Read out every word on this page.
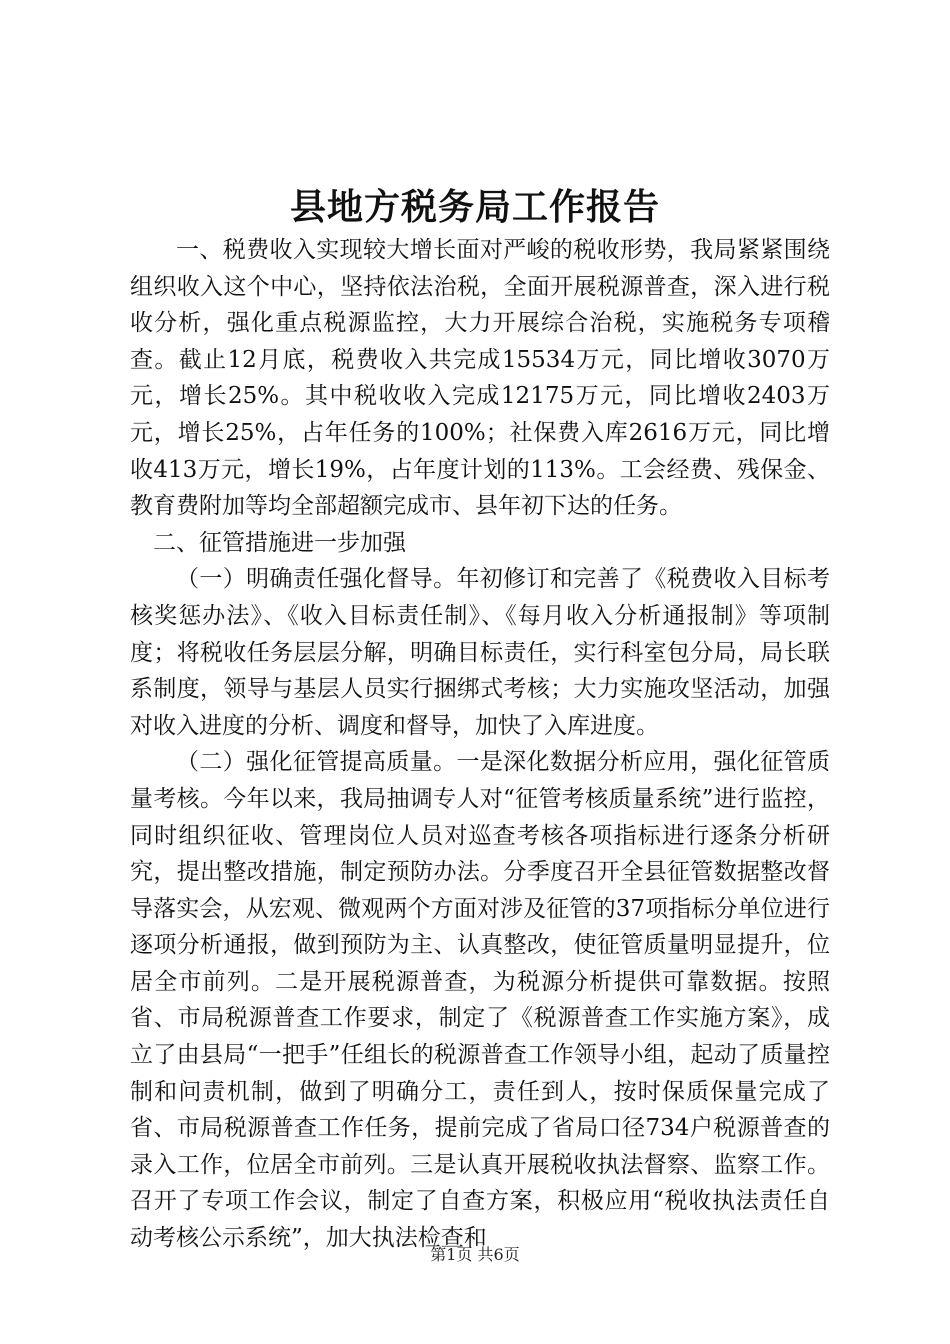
县地方税务局工作报告

一、税费收入实现较大增长面对严峻的税收形势，我局紧紧围绕组织收入这个中心，坚持依法治税，全面开展税源普查，深入进行税收分析，强化重点税源监控，大力开展综合治税，实施税务专项稽查。截止12月底，税费收入共完成15534万元，同比增收3070万元，增长25%。其中税收收入完成12175万元，同比增收2403万元，增长25%，占年任务的100%；社保费入库2616万元，同比增收413万元，增长19%，占年度计划的113%。工会经费、残保金、教育费附加等均全部超额完成市、县年初下达的任务。

二、征管措施进一步加强

（一）明确责任强化督导。年初修订和完善了《税费收入目标考核奖惩办法》、《收入目标责任制》、《每月收入分析通报制》等项制度；将税收任务层层分解，明确目标责任，实行科室包分局，局长联系制度，领导与基层人员实行捆绑式考核；大力实施攻坚活动，加强对收入进度的分析、调度和督导，加快了入库进度。

（二）强化征管提高质量。一是深化数据分析应用，强化征管质量考核。今年以来，我局抽调专人对“征管考核质量系统”进行监控，同时组织征收、管理岗位人员对巡查考核各项指标进行逐条分析研究，提出整改措施，制定预防办法。分季度召开全县征管数据整改督导落实会，从宏观、微观两个方面对涉及征管的37项指标分单位进行逐项分析通报，做到预防为主、认真整改，使征管质量明显提升，位居全市前列。二是开展税源普查，为税源分析提供可靠数据。按照省、市局税源普查工作要求，制定了《税源普查工作实施方案》，成立了由县局“一把手”任组长的税源普查工作领导小组，起动了质量控制和问责机制，做到了明确分工，责任到人，按时保质保量完成了省、市局税源普查工作任务，提前完成了省局口径734户税源普查的录入工作，位居全市前列。三是认真开展税收执法督察、监察工作。召开了专项工作会议，制定了自查方案，积极应用“税收执法责任自动考核公示系统”，加大执法检查和

第1页 共6页
